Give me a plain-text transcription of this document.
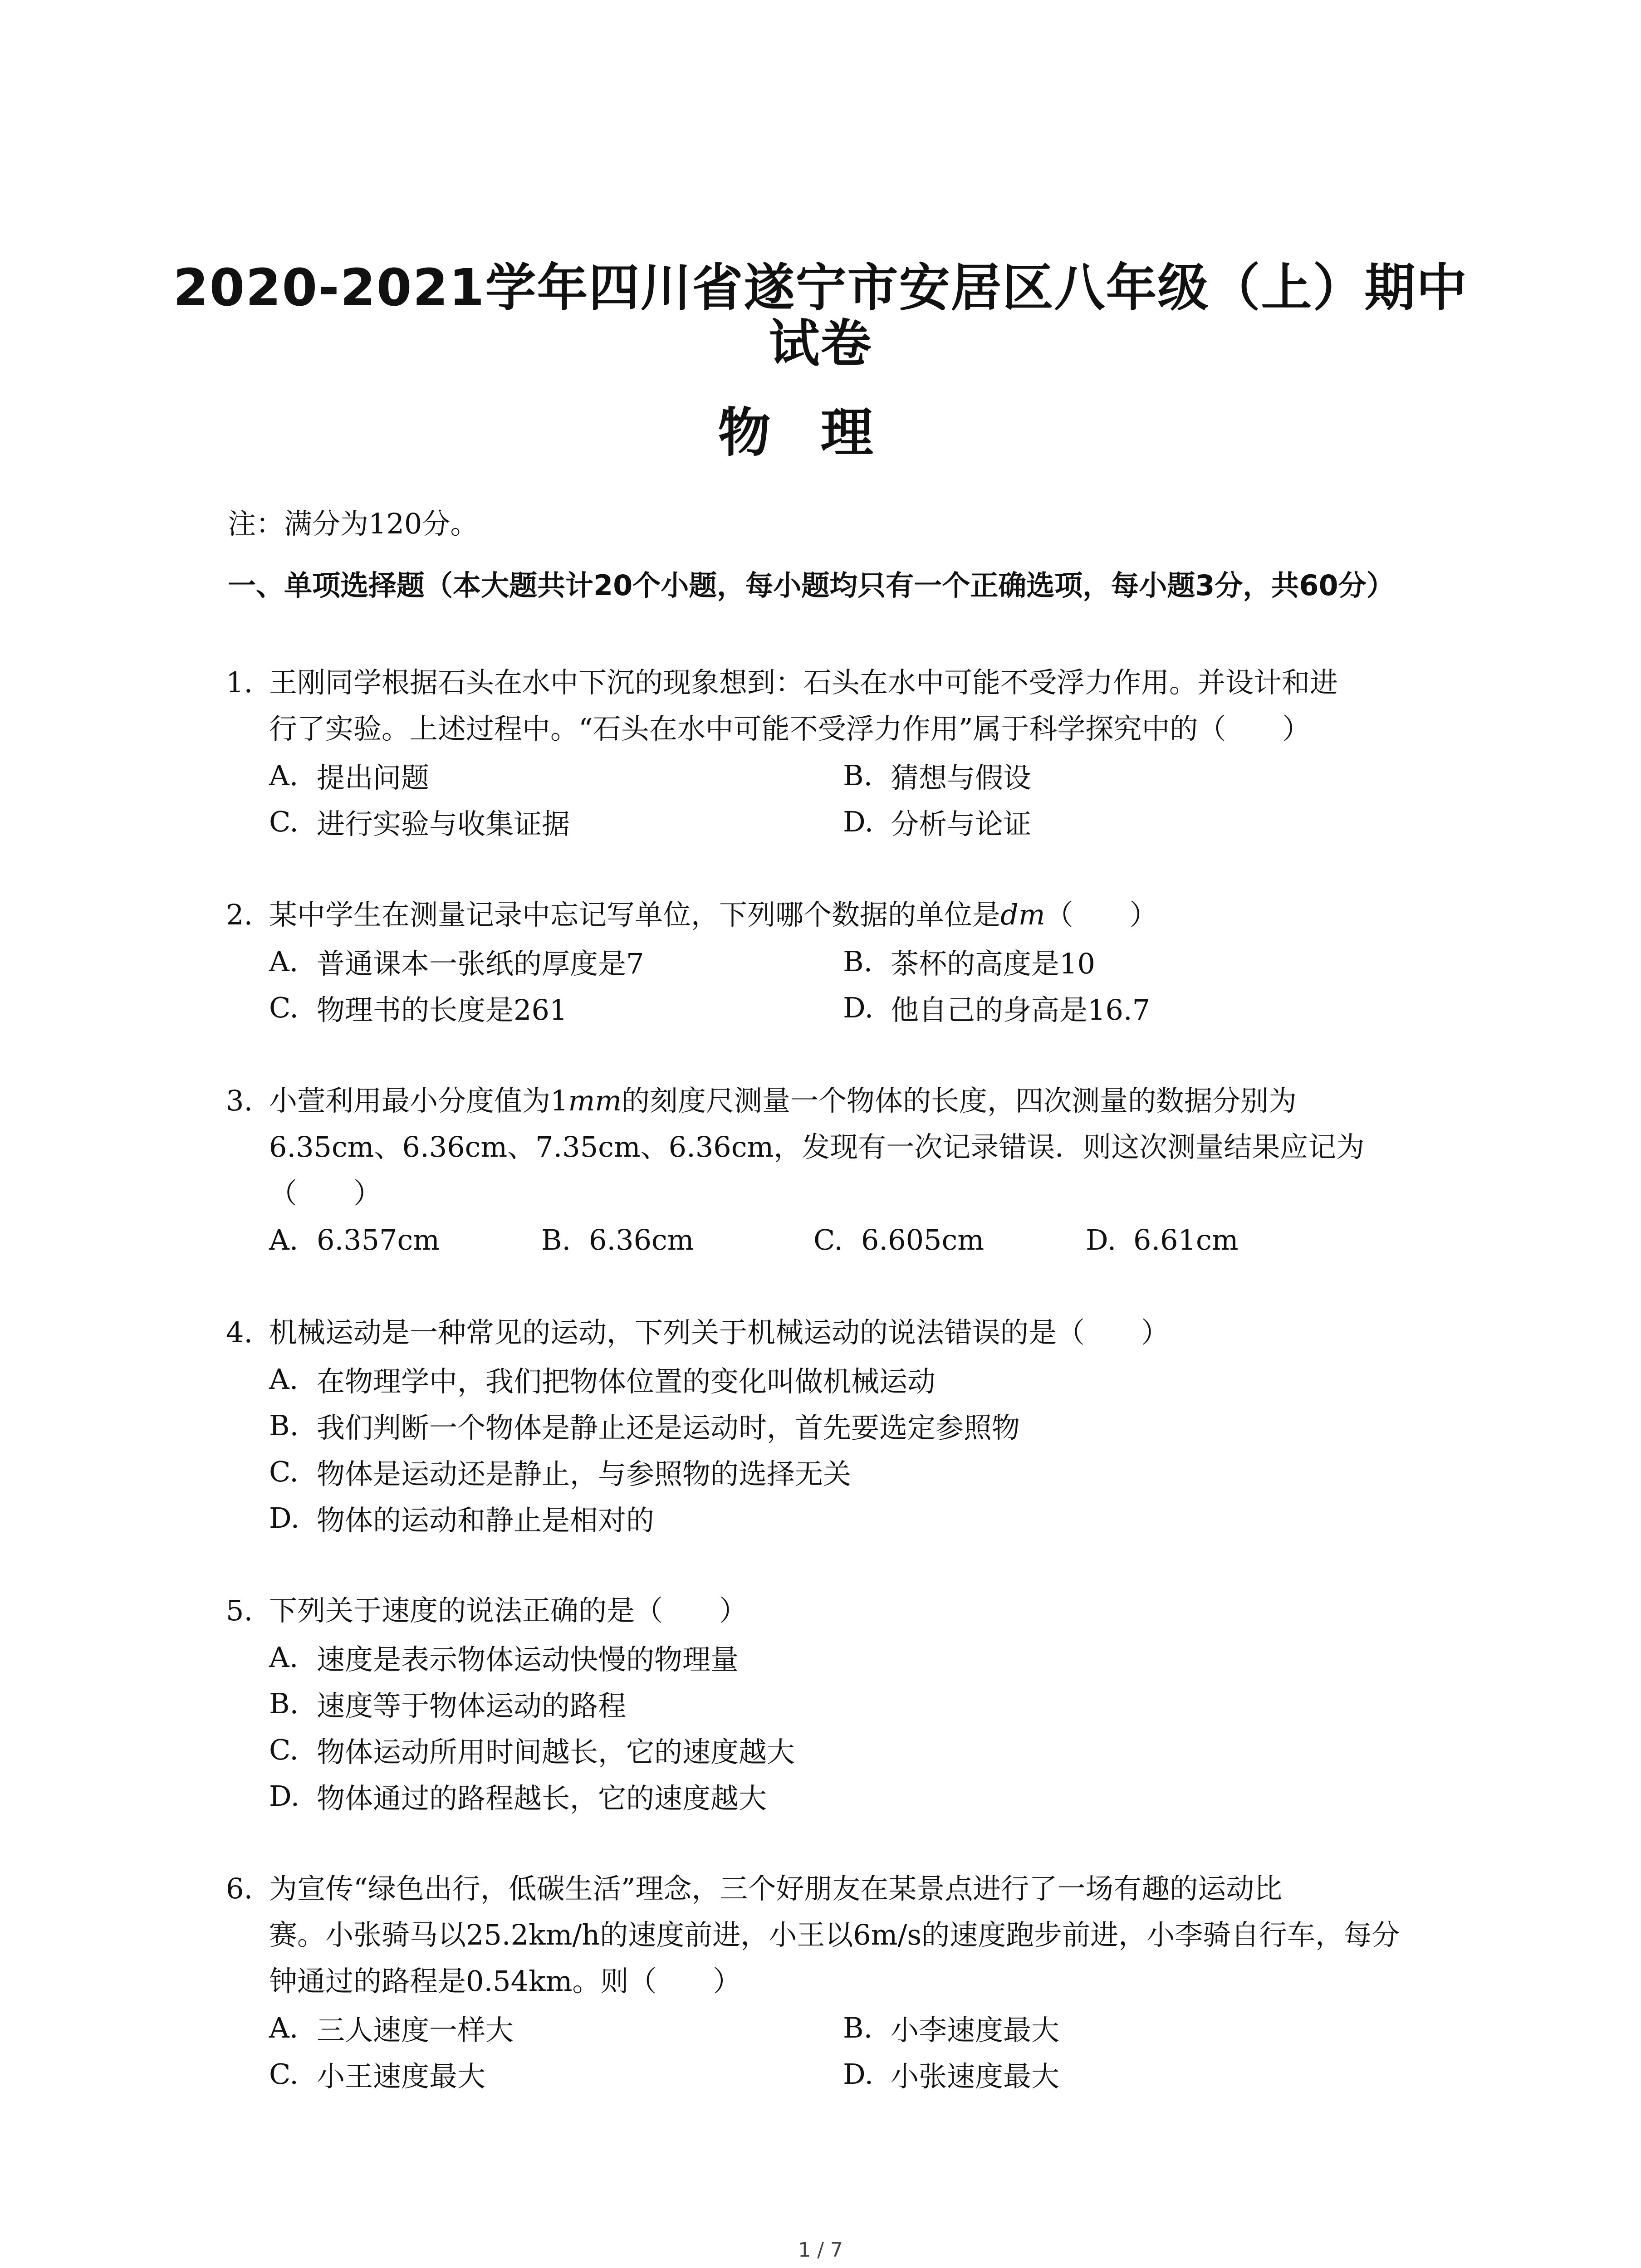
2020-2021学年四川省遂宁市安居区八年级（上）期中
试卷
物理
注：满分为120分。
一、单项选择题（本大题共计20个小题，每小题均只有一个正确选项，每小题3分，共60分）
1. 王刚同学根据石头在水中下沉的现象想到：石头在水中可能不受浮力作用。并设计和进
行了实验。上述过程中。“石头在水中可能不受浮力作用”属于科学探究中的（　　）
A. 提出问题	B. 猜想与假设
C. 进行实验与收集证据	D. 分析与论证
2. 某中学生在测量记录中忘记写单位，下列哪个数据的单位是dm（　　）
A. 普通课本一张纸的厚度是7	B. 茶杯的高度是10
C. 物理书的长度是261	D. 他自己的身高是16.7
3. 小萱利用最小分度值为1mm的刻度尺测量一个物体的长度，四次测量的数据分别为
6.35cm、6.36cm、7.35cm、6.36cm，发现有一次记录错误．则这次测量结果应记为
（　　）
A. 6.357cm	B. 6.36cm	C. 6.605cm	D. 6.61cm
4. 机械运动是一种常见的运动，下列关于机械运动的说法错误的是（　　）
A. 在物理学中，我们把物体位置的变化叫做机械运动
B. 我们判断一个物体是静止还是运动时，首先要选定参照物
C. 物体是运动还是静止，与参照物的选择无关
D. 物体的运动和静止是相对的
5. 下列关于速度的说法正确的是（　　）
A. 速度是表示物体运动快慢的物理量
B. 速度等于物体运动的路程
C. 物体运动所用时间越长，它的速度越大
D. 物体通过的路程越长，它的速度越大
6. 为宣传“绿色出行，低碳生活”理念，三个好朋友在某景点进行了一场有趣的运动比
赛。小张骑马以25.2km/h的速度前进，小王以6m/s的速度跑步前进，小李骑自行车，每分
钟通过的路程是0.54km。则（　　）
A. 三人速度一样大	B. 小李速度最大
C. 小王速度最大	D. 小张速度最大
1 / 7
